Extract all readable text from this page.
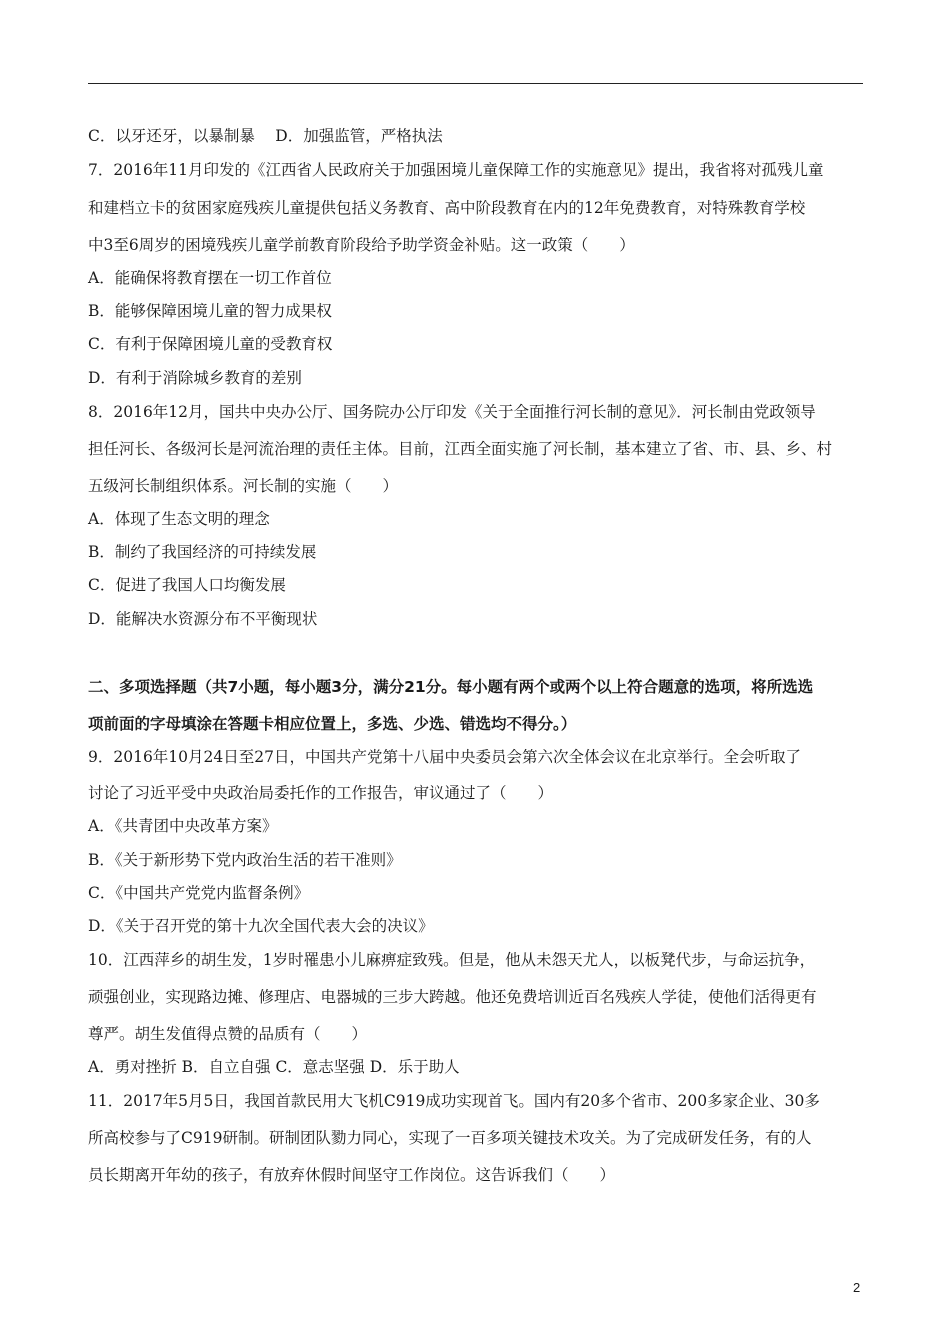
C．以牙还牙，以暴制暴　 D．加强监管，严格执法
7．2016年11月印发的《江西省人民政府关于加强困境儿童保障工作的实施意见》提出，我省将对孤残儿童
和建档立卡的贫困家庭残疾儿童提供包括义务教育、高中阶段教育在内的12年免费教育，对特殊教育学校
中3至6周岁的困境残疾儿童学前教育阶段给予助学资金补贴。这一政策（　　）
A．能确保将教育摆在一切工作首位
B．能够保障困境儿童的智力成果权
C．有利于保障困境儿童的受教育权
D．有利于消除城乡教育的差别
8．2016年12月，国共中央办公厅、国务院办公厅印发《关于全面推行河长制的意见》．河长制由党政领导
担任河长、各级河长是河流治理的责任主体。目前，江西全面实施了河长制，基本建立了省、市、县、乡、村
五级河长制组织体系。河长制的实施（　　）
A．体现了生态文明的理念
B．制约了我国经济的可持续发展
C．促进了我国人口均衡发展
D．能解决水资源分布不平衡现状
二、多项选择题（共7小题，每小题3分，满分21分。每小题有两个或两个以上符合题意的选项，将所选选
项前面的字母填涂在答题卡相应位置上，多选、少选、错选均不得分。）
9．2016年10月24日至27日，中国共产党第十八届中央委员会第六次全体会议在北京举行。全会听取了
讨论了习近平受中央政治局委托作的工作报告，审议通过了（　　）
A．《共青团中央改革方案》
B．《关于新形势下党内政治生活的若干准则》
C．《中国共产党党内监督条例》
D．《关于召开党的第十九次全国代表大会的决议》
10．江西萍乡的胡生发，1岁时罹患小儿麻痹症致残。但是，他从未怨天尤人，以板凳代步，与命运抗争，
顽强创业，实现路边摊、修理店、电器城的三步大跨越。他还免费培训近百名残疾人学徒，使他们活得更有
尊严。胡生发值得点赞的品质有（　　）
A．勇对挫折 B．自立自强 C．意志坚强 D．乐于助人
11．2017年5月5日，我国首款民用大飞机C919成功实现首飞。国内有20多个省市、200多家企业、30多
所高校参与了C919研制。研制团队勠力同心，实现了一百多项关键技术攻关。为了完成研发任务，有的人
员长期离开年幼的孩子，有放弃休假时间坚守工作岗位。这告诉我们（　　）
2
